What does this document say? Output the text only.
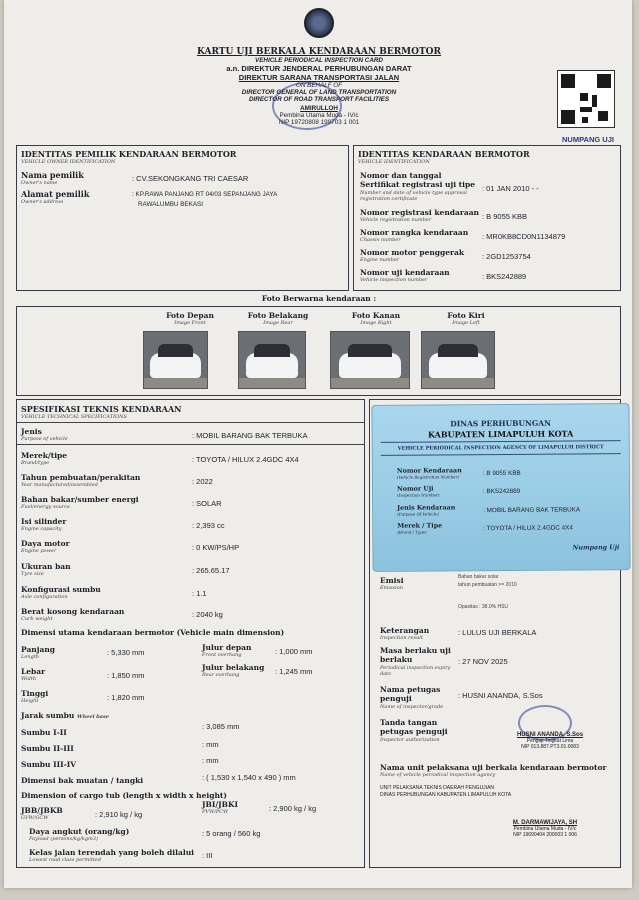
KARTU UJI BERKALA KENDARAAN BERMOTOR
VEHICLE PERIODICAL INSPECTION CARD
a.n. DIREKTUR JENDERAL PERHUBUNGAN DARAT
DIREKTUR SARANA TRANSPORTASI JALAN
ON BEHALF OF
DIRECTOR GENERAL OF LAND TRANSPORTATION
DIRECTOR OF ROAD TRANSPORT FACILITIES
AMIRULLOH
Pembina Utama Muda - IV/c
NIP 19720808 199703 1 001
NUMPANG UJI
IDENTITAS PEMILIK KENDARAAN BERMOTOR
VEHICLE OWNER IDENTIFICATION
Nama pemilik
Owner's name	: CV.SEKONGKANG TRI CAESAR
Alamat pemilik
Owner's address
: KP.RAWA PANJANG RT 04/03 SEPANJANG JAYA
RAWALUMBU BEKASI
IDENTITAS KENDARAAN BERMOTOR
VEHICLE IDENTIFICATION
Nomor dan tanggal Sertifikat registrasi uji tipe
Number and date of vehicle type approval registration certificate
: 01 JAN 2010 - -
Nomor registrasi kendaraan
Vehicle registration number	: B 9055 KBB
Nomor rangka kendaraan
Chassis number	: MR0KB8CD0N1134879
Nomor motor penggerak
Engine number	: 2GD1253754
Nomor uji kendaraan
Vehicle inspection number	: BKS242889
Foto Berwarna kendaraan :
Foto Depan
Image Front
Foto Belakang
Image Rear
Foto Kanan
Image Right
Foto Kiri
Image Left
SPESIFIKASI TEKNIS KENDARAAN
VEHICLE TECHNICAL SPECIFICATIONS
Jenis
Purpose of vehicle	: MOBIL BARANG BAK TERBUKA
Merek/tipe
Brand/type	: TOYOTA / HILUX 2.4GDC 4X4
Tahun pembuatan/perakitan
Year manufactured/assembled	: 2022
Bahan bakar/sumber energi
Fuel/energy source	: SOLAR
Isi silinder
Engine capacity	: 2,393 cc
Daya motor
Engine power	: 0 KW/PS/HP
Ukuran ban
Tyre size	: 265.65.17
Konfigurasi sumbu
Axle configuration	: 1.1
Berat kosong kendaraan
Curb weight	: 2040 kg
Dimensi utama kendaraan bermotor (Vehicle main dimension)
Panjang
Length	: 5,330 mm
Lebar
Width	: 1,850 mm
Tinggi
Height	: 1,820 mm
Julur depan
Front overhang	: 1,000 mm
Julur belakang
Rear overhang	: 1,245 mm
Jarak sumbu Wheel base
Sumbu I-II
: 3,085 mm
Sumbu II-III	: mm
Sumbu III-IV	: mm
Dimensi bak muatan / tangki	: ( 1,530 x 1,540 x 490 ) mm
Dimension of cargo tub (length x width x height)
JBB/JBKB
GVW/GCW	: 2,910 kg / kg
JBI/JBKI
PVW/PCW	: 2,900 kg / kg
Daya angkut (orang/kg)
Payload (persons/kg/kgm3)
: 5 orang / 560 kg
Kelas jalan terendah yang boleh dilalui
Lowest road class permitted	: III
Emisi
Emission
Bahan bakar solar
tahun pembuatan >= 2010
Opasitas : 38.0% HSU
Keterangan
Inspection result
: LULUS UJI BERKALA
Masa berlaku uji berlaku
Periodical inspection expiry date
: 27 NOV 2025
Nama petugas penguji
Name of inspector/grade
: HUSNI ANANDA, S.Sos
Tanda tangan petugas penguji
Inspector authorization
HUSNI ANANDA, S.Sos
Penguji Tingkat Lima
NIP 013.887.PT3.01.0083
Nama unit pelaksana uji berkala kendaraan bermotor
Name of vehicle periodical inspection agency
UNIT PELAKSANA TEKNIS DAERAH PENGUJIAN
DINAS PERHUBUNGAN KABUPATEN LIMAPULUH KOTA
M. DARMAWIJAYA, SH
Pembina Utama Muda - IV/c
NIP 19690404 200003 1 006
DINAS PERHUBUNGAN
KABUPATEN LIMAPULUH KOTA
VEHICLE PERIODICAL INSPECTION AGENCY OF LIMAPULUH DISTRICT
Nomor Kendaraan
(Vehicle Registration Number)	: B 9055 KBB
Nomor Uji
(Inspection Number)	: BKS242889
Jenis Kendaraan
(Purpose Of Vehicle)	: MOBIL BARANG BAK TERBUKA
Merek / Tipe
(Brand / Type)	: TOYOTA / HILUX 2.4GDC 4X4
Numpang Uji
